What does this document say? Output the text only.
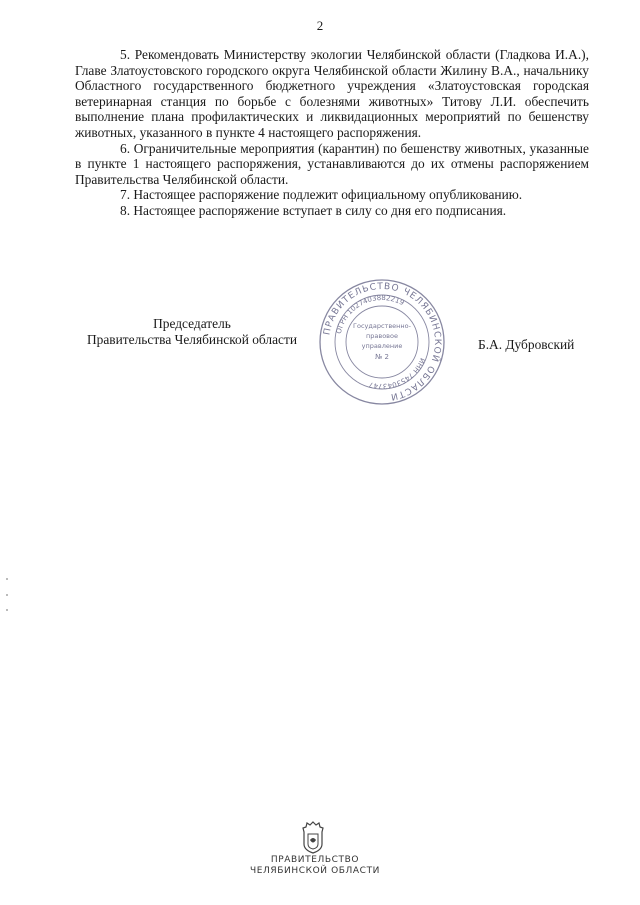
2

5. Рекомендовать Министерству экологии Челябинской области (Гладкова И.А.), Главе Златоустовского городского округа Челябинской области Жилину В.А., начальнику Областного государственного бюджетного учреждения «Златоустовская городская ветеринарная станция по борьбе с болезнями животных» Титову Л.И. обеспечить выполнение плана профилактических и ликвидационных мероприятий по бешенству животных, указанного в пункте 4 настоящего распоряжения.

6. Ограничительные мероприятия (карантин) по бешенству животных, указанные в пункте 1 настоящего распоряжения, устанавливаются до их отмены распоряжением Правительства Челябинской области.

7. Настоящее распоряжение подлежит официальному опубликованию.

8. Настоящее распоряжение вступает в силу со дня его подписания.

Председатель
Правительства Челябинской области
ПРАВИТЕЛЬСТВО ЧЕЛЯБИНСКОЙ ОБЛАСТИ
ОГРН 1027403882219
ИНН 7453043747
Государственно-
правовое
управление
№ 2
Б.А. Дубровский
ПРАВИТЕЛЬСТВО
ЧЕЛЯБИНСКОЙ ОБЛАСТИ
